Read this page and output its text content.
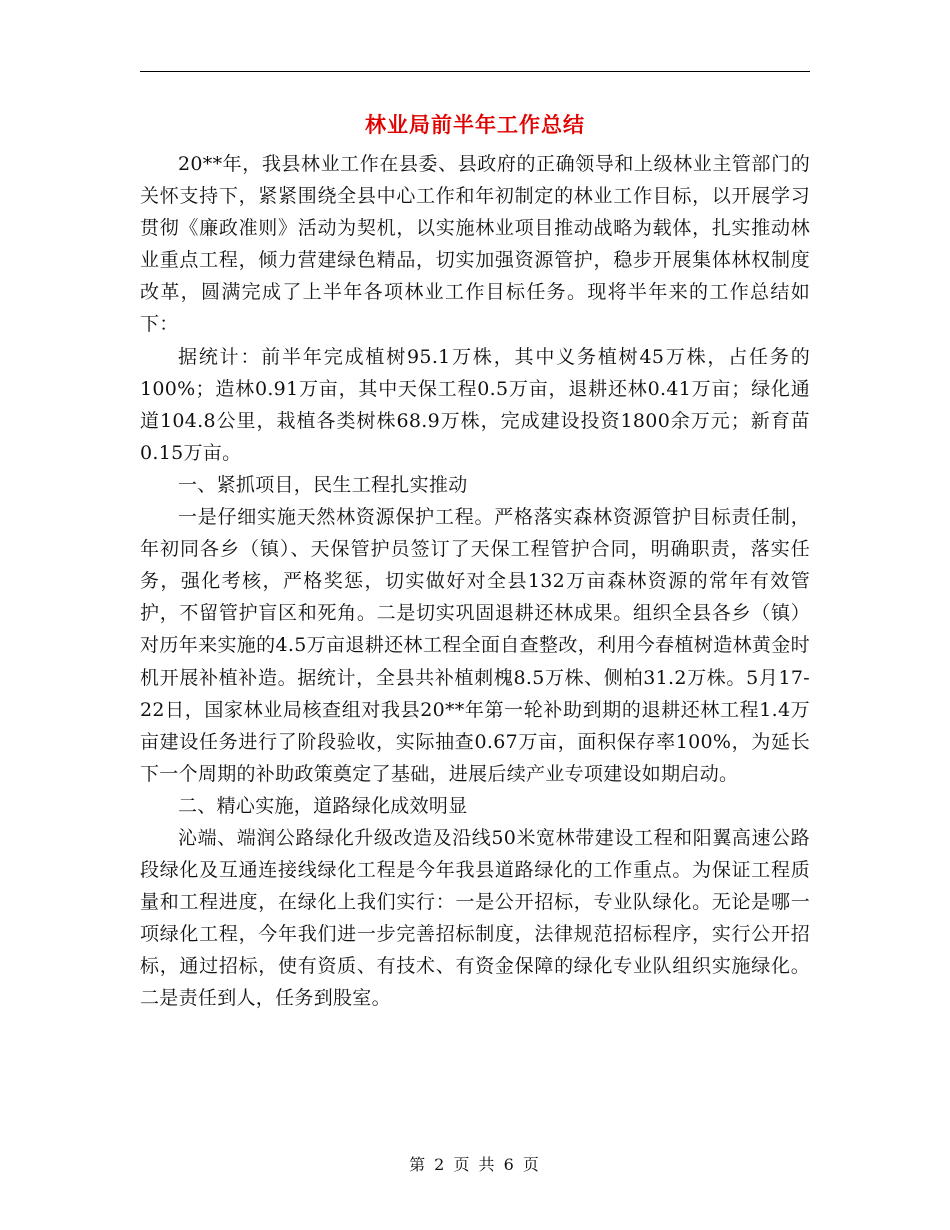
林业局前半年工作总结

20**年，我县林业工作在县委、县政府的正确领导和上级林业主管部门的关怀支持下，紧紧围绕全县中心工作和年初制定的林业工作目标，以开展学习贯彻《廉政准则》活动为契机，以实施林业项目推动战略为载体，扎实推动林业重点工程，倾力营建绿色精品，切实加强资源管护，稳步开展集体林权制度改革，圆满完成了上半年各项林业工作目标任务。现将半年来的工作总结如下：

据统计：前半年完成植树95.1万株，其中义务植树45万株，占任务的100%；造林0.91万亩，其中天保工程0.5万亩，退耕还林0.41万亩；绿化通道104.8公里，栽植各类树株68.9万株，完成建设投资1800余万元；新育苗0.15万亩。

一、紧抓项目，民生工程扎实推动

一是仔细实施天然林资源保护工程。严格落实森林资源管护目标责任制，年初同各乡（镇）、天保管护员签订了天保工程管护合同，明确职责，落实任务，强化考核，严格奖惩，切实做好对全县132万亩森林资源的常年有效管护，不留管护盲区和死角。二是切实巩固退耕还林成果。组织全县各乡（镇）对历年来实施的4.5万亩退耕还林工程全面自查整改，利用今春植树造林黄金时机开展补植补造。据统计，全县共补植刺槐8.5万株、侧柏31.2万株。5月17-22日，国家林业局核查组对我县20**年第一轮补助到期的退耕还林工程1.4万亩建设任务进行了阶段验收，实际抽查0.67万亩，面积保存率100%，为延长下一个周期的补助政策奠定了基础，进展后续产业专项建设如期启动。

二、精心实施，道路绿化成效明显

沁端、端润公路绿化升级改造及沿线50米宽林带建设工程和阳翼高速公路段绿化及互通连接线绿化工程是今年我县道路绿化的工作重点。为保证工程质量和工程进度，在绿化上我们实行：一是公开招标，专业队绿化。无论是哪一项绿化工程，今年我们进一步完善招标制度，法律规范招标程序，实行公开招标，通过招标，使有资质、有技术、有资金保障的绿化专业队组织实施绿化。二是责任到人，任务到股室。

第 2 页 共 6 页
